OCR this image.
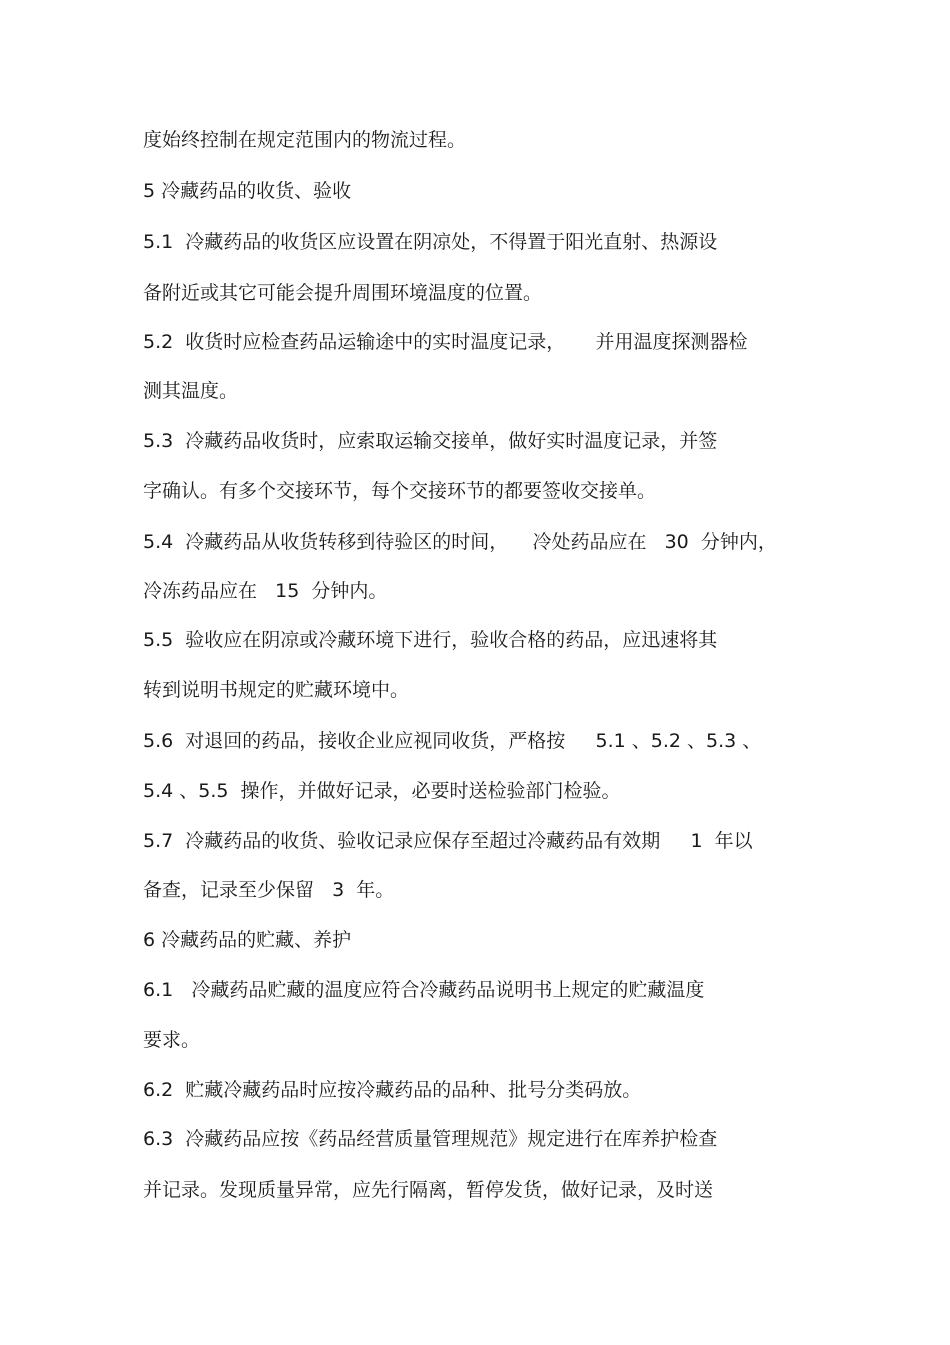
度始终控制在规定范围内的物流过程。
5 冷藏药品的收货、验收
5.1  冷藏药品的收货区应设置在阴凉处，不得置于阳光直射、热源设
备附近或其它可能会提升周围环境温度的位置。
5.2  收货时应检查药品运输途中的实时温度记录，     并用温度探测器检
测其温度。
5.3  冷藏药品收货时，应索取运输交接单，做好实时温度记录，并签
字确认。有多个交接环节，每个交接环节的都要签收交接单。
5.4  冷藏药品从收货转移到待验区的时间，    冷处药品应在   30  分钟内，
冷冻药品应在   15  分钟内。
5.5  验收应在阴凉或冷藏环境下进行，验收合格的药品，应迅速将其
转到说明书规定的贮藏环境中。
5.6  对退回的药品，接收企业应视同收货，严格按     5.1 、5.2 、5.3 、
5.4 、5.5  操作，并做好记录，必要时送检验部门检验。
5.7  冷藏药品的收货、验收记录应保存至超过冷藏药品有效期     1  年以
备查，记录至少保留   3  年。
6 冷藏药品的贮藏、养护
6.1   冷藏药品贮藏的温度应符合冷藏药品说明书上规定的贮藏温度
要求。
6.2  贮藏冷藏药品时应按冷藏药品的品种、批号分类码放。
6.3  冷藏药品应按《药品经营质量管理规范》规定进行在库养护检查
并记录。发现质量异常，应先行隔离，暂停发货，做好记录，及时送
